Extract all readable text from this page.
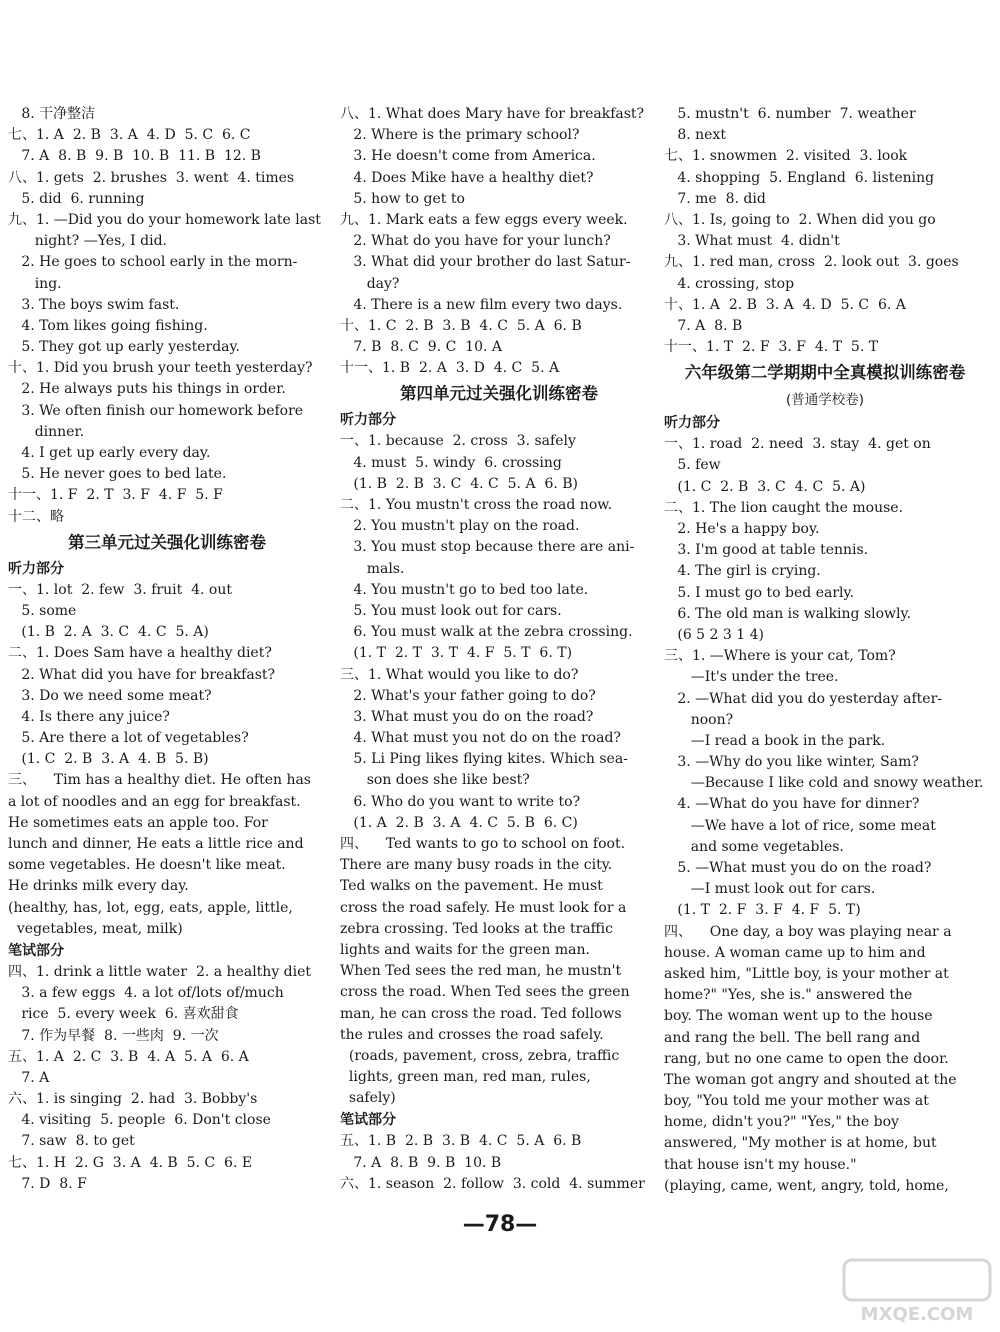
8. 干净整洁
七、1. A  2. B  3. A  4. D  5. C  6. C
7. A  8. B  9. B  10. B  11. B  12. B
八、1. gets  2. brushes  3. went  4. times
5. did  6. running
九、1. —Did you do your homework late last
night? —Yes, I did.
2. He goes to school early in the morn-
ing.
3. The boys swim fast.
4. Tom likes going fishing.
5. They got up early yesterday.
十、1. Did you brush your teeth yesterday?
2. He always puts his things in order.
3. We often finish our homework before
dinner.
4. I get up early every day.
5. He never goes to bed late.
十一、1. F  2. T  3. F  4. F  5. F
十二、略
第三单元过关强化训练密卷
听力部分
一、1. lot  2. few  3. fruit  4. out
5. some
(1. B  2. A  3. C  4. C  5. A)
二、1. Does Sam have a healthy diet?
2. What did you have for breakfast?
3. Do we need some meat?
4. Is there any juice?
5. Are there a lot of vegetables?
(1. C  2. B  3. A  4. B  5. B)
三、    Tim has a healthy diet. He often has
a lot of noodles and an egg for breakfast.
He sometimes eats an apple too. For
lunch and dinner, He eats a little rice and
some vegetables. He doesn't like meat.
He drinks milk every day.
(healthy, has, lot, egg, eats, apple, little,
vegetables, meat, milk)
笔试部分
四、1. drink a little water  2. a healthy diet
3. a few eggs  4. a lot of/lots of/much
rice  5. every week  6. 喜欢甜食
7. 作为早餐  8. 一些肉  9. 一次
五、1. A  2. C  3. B  4. A  5. A  6. A
7. A
六、1. is singing  2. had  3. Bobby's
4. visiting  5. people  6. Don't close
7. saw  8. to get
七、1. H  2. G  3. A  4. B  5. C  6. E
7. D  8. F
八、1. What does Mary have for breakfast?
2. Where is the primary school?
3. He doesn't come from America.
4. Does Mike have a healthy diet?
5. how to get to
九、1. Mark eats a few eggs every week.
2. What do you have for your lunch?
3. What did your brother do last Satur-
day?
4. There is a new film every two days.
十、1. C  2. B  3. B  4. C  5. A  6. B
7. B  8. C  9. C  10. A
十一、1. B  2. A  3. D  4. C  5. A
第四单元过关强化训练密卷
听力部分
一、1. because  2. cross  3. safely
4. must  5. windy  6. crossing
(1. B  2. B  3. C  4. C  5. A  6. B)
二、1. You mustn't cross the road now.
2. You mustn't play on the road.
3. You must stop because there are ani-
mals.
4. You mustn't go to bed too late.
5. You must look out for cars.
6. You must walk at the zebra crossing.
(1. T  2. T  3. T  4. F  5. T  6. T)
三、1. What would you like to do?
2. What's your father going to do?
3. What must you do on the road?
4. What must you not do on the road?
5. Li Ping likes flying kites. Which sea-
son does she like best?
6. Who do you want to write to?
(1. A  2. B  3. A  4. C  5. B  6. C)
四、    Ted wants to go to school on foot.
There are many busy roads in the city.
Ted walks on the pavement. He must
cross the road safely. He must look for a
zebra crossing. Ted looks at the traffic
lights and waits for the green man.
When Ted sees the red man, he mustn't
cross the road. When Ted sees the green
man, he can cross the road. Ted follows
the rules and crosses the road safely.
(roads, pavement, cross, zebra, traffic
lights, green man, red man, rules,
safely)
笔试部分
五、1. B  2. B  3. B  4. C  5. A  6. B
7. A  8. B  9. B  10. B
六、1. season  2. follow  3. cold  4. summer
5. mustn't  6. number  7. weather
8. next
七、1. snowmen  2. visited  3. look
4. shopping  5. England  6. listening
7. me  8. did
八、1. Is, going to  2. When did you go
3. What must  4. didn't
九、1. red man, cross  2. look out  3. goes
4. crossing, stop
十、1. A  2. B  3. A  4. D  5. C  6. A
7. A  8. B
十一、1. T  2. F  3. F  4. T  5. T
六年级第二学期期中全真模拟训练密卷
(普通学校卷)
听力部分
一、1. road  2. need  3. stay  4. get on
5. few
(1. C  2. B  3. C  4. C  5. A)
二、1. The lion caught the mouse.
2. He's a happy boy.
3. I'm good at table tennis.
4. The girl is crying.
5. I must go to bed early.
6. The old man is walking slowly.
(6 5 2 3 1 4)
三、1. —Where is your cat, Tom?
—It's under the tree.
2. —What did you do yesterday after-
noon?
—I read a book in the park.
3. —Why do you like winter, Sam?
—Because I like cold and snowy weather.
4. —What do you have for dinner?
—We have a lot of rice, some meat
and some vegetables.
5. —What must you do on the road?
—I must look out for cars.
(1. T  2. F  3. F  4. F  5. T)
四、    One day, a boy was playing near a
house. A woman came up to him and
asked him, "Little boy, is your mother at
home?" "Yes, she is." answered the
boy. The woman went up to the house
and rang the bell. The bell rang and
rang, but no one came to open the door.
The woman got angry and shouted at the
boy, "You told me your mother was at
home, didn't you?" "Yes," the boy
answered, "My mother is at home, but
that house isn't my house."
(playing, came, went, angry, told, home,
—78—
MXQE.COM
